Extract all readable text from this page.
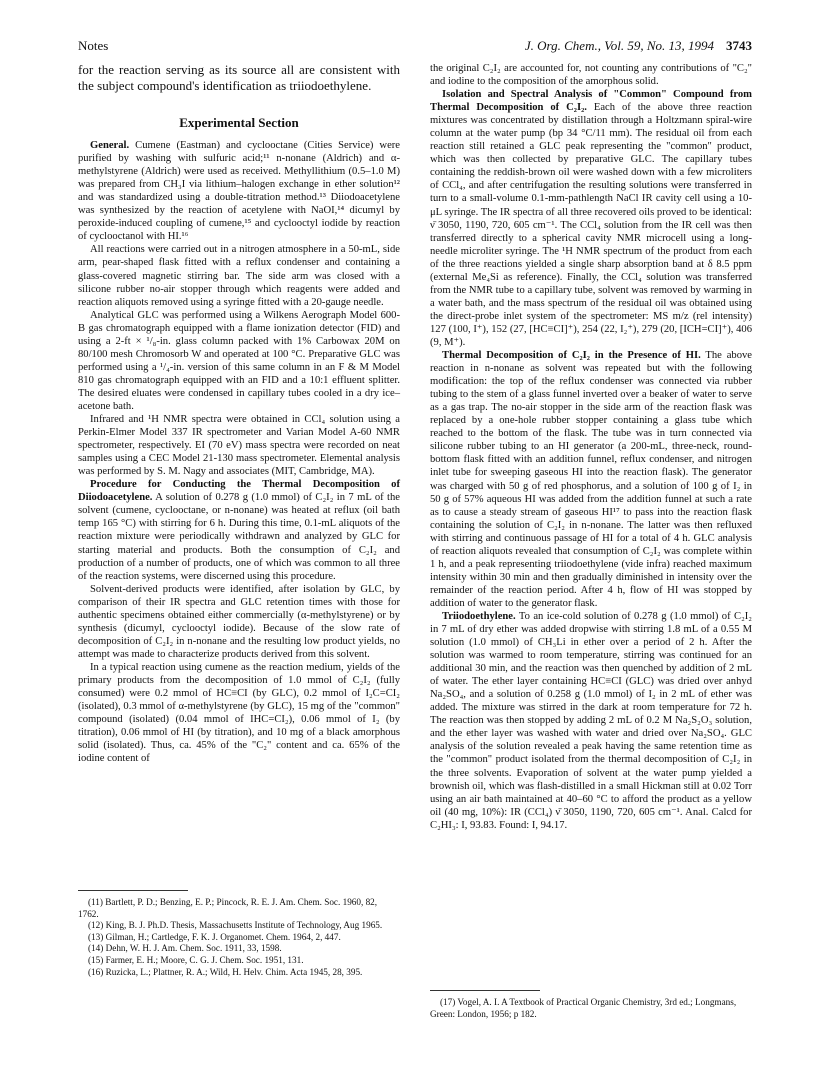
Notes	J. Org. Chem., Vol. 59, No. 13, 1994 3743

for the reaction serving as its source all are consistent with the subject compound's identification as triiodoethylene.

Experimental Section

General. Cumene (Eastman) and cyclooctane (Cities Service) were purified by washing with sulfuric acid;¹¹ n-nonane (Aldrich) and α-methylstyrene (Aldrich) were used as received. Methyllithium (0.5–1.0 M) was prepared from CH₃I via lithium–halogen exchange in ether solution¹² and was standardized using a double-titration method.¹³ Diiodoacetylene was synthesized by the reaction of acetylene with NaOI,¹⁴ dicumyl by peroxide-induced coupling of cumene,¹⁵ and cyclooctyl iodide by reaction of cyclooctanol with HI.¹⁶

All reactions were carried out in a nitrogen atmosphere in a 50-mL, side arm, pear-shaped flask fitted with a reflux condenser and containing a glass-covered magnetic stirring bar. The side arm was closed with a silicone rubber no-air stopper through which reagents were added and reaction aliquots removed using a syringe fitted with a 20-gauge needle.

Analytical GLC was performed using a Wilkens Aerograph Model 600-B gas chromatograph equipped with a flame ionization detector (FID) and using a 2-ft × ¹/₈-in. glass column packed with 1% Carbowax 20M on 80/100 mesh Chromosorb W and operated at 100 °C. Preparative GLC was performed using a ¹/₄-in. version of this same column in an F & M Model 810 gas chromatograph equipped with an FID and a 10:1 effluent splitter. The desired eluates were condensed in capillary tubes cooled in a dry ice–acetone bath.

Infrared and ¹H NMR spectra were obtained in CCl₄ solution using a Perkin-Elmer Model 337 IR spectrometer and Varian Model A-60 NMR spectrometer, respectively. EI (70 eV) mass spectra were recorded on neat samples using a CEC Model 21-130 mass spectrometer. Elemental analysis was performed by S. M. Nagy and associates (MIT, Cambridge, MA).

Procedure for Conducting the Thermal Decomposition of Diiodoacetylene. A solution of 0.278 g (1.0 mmol) of C₂I₂ in 7 mL of the solvent (cumene, cyclooctane, or n-nonane) was heated at reflux (oil bath temp 165 °C) with stirring for 6 h. During this time, 0.1-mL aliquots of the reaction mixture were periodically withdrawn and analyzed by GLC for starting material and products. Both the consumption of C₂I₂ and production of a number of products, one of which was common to all three of the reaction systems, were discerned using this procedure.

Solvent-derived products were identified, after isolation by GLC, by comparison of their IR spectra and GLC retention times with those for authentic specimens obtained either commercially (α-methylstyrene) or by synthesis (dicumyl, cyclooctyl iodide). Because of the slow rate of decomposition of C₂I₂ in n-nonane and the resulting low product yields, no attempt was made to characterize products derived from this solvent.

In a typical reaction using cumene as the reaction medium, yields of the primary products from the decomposition of 1.0 mmol of C₂I₂ (fully consumed) were 0.2 mmol of HC≡CI (by GLC), 0.2 mmol of I₂C=CI₂ (isolated), 0.3 mmol of α-methylstyrene (by GLC), 15 mg of the "common" compound (isolated) (0.04 mmol of IHC=CI₂), 0.06 mmol of I₂ (by titration), 0.06 mmol of HI (by titration), and 10 mg of a black amorphous solid (isolated). Thus, ca. 45% of the "C₂" content and ca. 65% of the iodine content of

(11) Bartlett, P. D.; Benzing, E. P.; Pincock, R. E. J. Am. Chem. Soc. 1960, 82, 1762.
(12) King, B. J. Ph.D. Thesis, Massachusetts Institute of Technology, Aug 1965.
(13) Gilman, H.; Cartledge, F. K. J. Organomet. Chem. 1964, 2, 447.
(14) Dehn, W. H. J. Am. Chem. Soc. 1911, 33, 1598.
(15) Farmer, E. H.; Moore, C. G. J. Chem. Soc. 1951, 131.
(16) Ruzicka, L.; Plattner, R. A.; Wild, H. Helv. Chim. Acta 1945, 28, 395.

the original C₂I₂ are accounted for, not counting any contributions of "C₂" and iodine to the composition of the amorphous solid.

Isolation and Spectral Analysis of "Common" Compound from Thermal Decomposition of C₂I₂. Each of the above three reaction mixtures was concentrated by distillation through a Holtzmann spiral-wire column at the water pump (bp 34 °C/11 mm). The residual oil from each reaction still retained a GLC peak representing the "common" product, which was then collected by preparative GLC. The capillary tubes containing the reddish-brown oil were washed down with a few microliters of CCl₄, and after centrifugation the resulting solutions were transferred in turn to a small-volume 0.1-mm-pathlength NaCl IR cavity cell using a 10-μL syringe. The IR spectra of all three recovered oils proved to be identical: ν̄ 3050, 1190, 720, 605 cm⁻¹. The CCl₄ solution from the IR cell was then transferred directly to a spherical cavity NMR microcell using a long-needle microliter syringe. The ¹H NMR spectrum of the product from each of the three reactions yielded a single sharp absorption band at δ 8.5 ppm (external Me₄Si as reference). Finally, the CCl₄ solution was transferred from the NMR tube to a capillary tube, solvent was removed by warming in a water bath, and the mass spectrum of the residual oil was obtained using the direct-probe inlet system of the spectrometer: MS m/z (rel intensity) 127 (100, I⁺), 152 (27, [HC≡CI]⁺), 254 (22, I₂⁺), 279 (20, [ICH=CI]⁺), 406 (9, M⁺).

Thermal Decomposition of C₂I₂ in the Presence of HI. The above reaction in n-nonane as solvent was repeated but with the following modification: the top of the reflux condenser was connected via rubber tubing to the stem of a glass funnel inverted over a beaker of water to serve as a gas trap. The no-air stopper in the side arm of the reaction flask was replaced by a one-hole rubber stopper containing a glass tube which reached to the bottom of the flask. The tube was in turn connected via silicone rubber tubing to an HI generator (a 200-mL, three-neck, round-bottom flask fitted with an addition funnel, reflux condenser, and nitrogen inlet tube for sweeping gaseous HI into the reaction flask). The generator was charged with 50 g of red phosphorus, and a solution of 100 g of I₂ in 50 g of 57% aqueous HI was added from the addition funnel at such a rate as to cause a steady stream of gaseous HI¹⁷ to pass into the reaction flask containing the solution of C₂I₂ in n-nonane. The latter was then refluxed with stirring and continuous passage of HI for a total of 4 h. GLC analysis of reaction aliquots revealed that consumption of C₂I₂ was complete within 1 h, and a peak representing triiodoethylene (vide infra) reached maximum intensity within 30 min and then gradually diminished in intensity over the remainder of the reaction period. After 4 h, flow of HI was stopped by addition of water to the generator flask.

Triiodoethylene. To an ice-cold solution of 0.278 g (1.0 mmol) of C₂I₂ in 7 mL of dry ether was added dropwise with stirring 1.8 mL of a 0.55 M solution (1.0 mmol) of CH₃Li in ether over a period of 2 h. After the solution was warmed to room temperature, stirring was continued for an additional 30 min, and the reaction was then quenched by addition of 2 mL of water. The ether layer containing HC≡CI (GLC) was dried over anhyd Na₂SO₄, and a solution of 0.258 g (1.0 mmol) of I₂ in 2 mL of ether was added. The mixture was stirred in the dark at room temperature for 72 h. The reaction was then stopped by adding 2 mL of 0.2 M Na₂S₂O₃ solution, and the ether layer was washed with water and dried over Na₂SO₄. GLC analysis of the solution revealed a peak having the same retention time as the "common" product isolated from the thermal decomposition of C₂I₂ in the three solvents. Evaporation of solvent at the water pump yielded a brownish oil, which was flash-distilled in a small Hickman still at 0.02 Torr using an air bath maintained at 40–60 °C to afford the product as a yellow oil (40 mg, 10%): IR (CCl₄) ν̄ 3050, 1190, 720, 605 cm⁻¹. Anal. Calcd for C₂HI₃: I, 93.83. Found: I, 94.17.

(17) Vogel, A. I. A Textbook of Practical Organic Chemistry, 3rd ed.; Longmans, Green: London, 1956; p 182.
